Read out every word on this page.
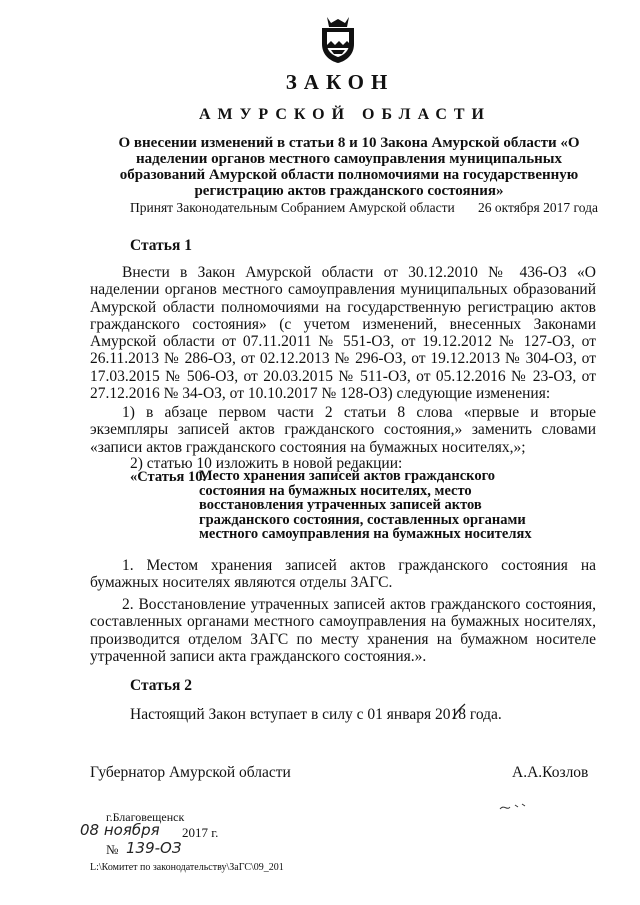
ЗАКОН
АМУРСКОЙ ОБЛАСТИ
О внесении изменений в статьи 8 и 10 Закона Амурской области «О наделении органов местного самоуправления муниципальных образований Амурской области полномочиями на государственную регистрацию актов гражданского состояния»
Принят Законодательным Собранием Амурской области 26 октября 2017 года
Статья 1
Внести в Закон Амурской области от 30.12.2010 № 436-ОЗ «О наделении органов местного самоуправления муниципальных образований Амурской области полномочиями на государственную регистрацию актов гражданского состояния» (с учетом изменений, внесенных Законами Амурской области от 07.11.2011 № 551-ОЗ, от 19.12.2012 № 127-ОЗ, от 26.11.2013 № 286-ОЗ, от 02.12.2013 № 296-ОЗ, от 19.12.2013 № 304-ОЗ, от 17.03.2015 № 506-ОЗ, от 20.03.2015 № 511-ОЗ, от 05.12.2016 № 23-ОЗ, от 27.12.2016 № 34-ОЗ, от 10.10.2017 № 128-ОЗ) следующие изменения:
1) в абзаце первом части 2 статьи 8 слова «первые и вторые экземпляры записей актов гражданского состояния,» заменить словами «записи актов гражданского состояния на бумажных носителях,»;
2) статью 10 изложить в новой редакции:
«Статья 10.
Место хранения записей актов гражданского состояния на бумажных носителях, место восстановления утраченных записей актов гражданского состояния, составленных органами местного самоуправления на бумажных носителях
1. Местом хранения записей актов гражданского состояния на бумажных носителях являются отделы ЗАГС.
2. Восстановление утраченных записей актов гражданского состояния, составленных органами местного самоуправления на бумажных носителях, производится отделом ЗАГС по месту хранения на бумажном носителе утраченной записи акта гражданского состояния.».
Статья 2
Настоящий Закон вступает в силу с 01 января 2018 года.
Губернатор Амурской области	А.А.Козлов
г.Благовещенск
08 ноября 2017 г.
№ 139-ОЗ
L:\Комитет по законодательству\ЗаГС\09_201
